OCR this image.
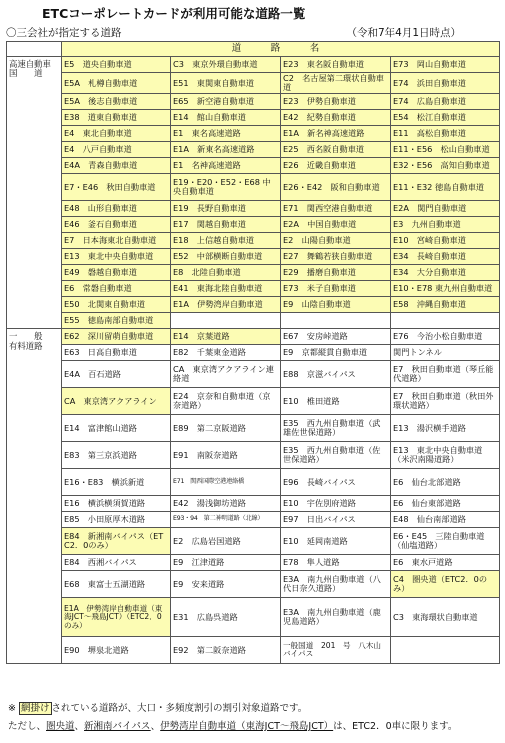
ETCコーポレートカードが利用可能な道路一覧
〇三会社が指定する道路	（令和7年4月1日時点）
	道　路　名			

高速自動車
国　　道	E5　道央自動車道	C3　東京外環自動車道	E23　東名阪自動車道	E73　岡山自動車道
	E5A　札樽自動車道	E51　東関東自動車道	C2　名古屋第二環状自動車道	E74　浜田自動車道
	E5A　後志自動車道	E65　新空港自動車道	E23　伊勢自動車道	E74　広島自動車道
	E38　道東自動車道	E14　館山自動車道	E42　紀勢自動車道	E54　松江自動車道
	E4　東北自動車道	E1　東名高速道路	E1A　新名神高速道路	E11　高松自動車道
	E4　八戸自動車道	E1A　新東名高速道路	E25　西名阪自動車道	E11・E56　松山自動車道
	E4A　青森自動車道	E1　名神高速道路	E26　近畿自動車道	E32・E56　高知自動車道
	E7・E46　秋田自動車道	E19・E20・E52・E68 中央自動車道	E26・E42　阪和自動車道	E11・E32 徳島自動車道
	E48　山形自動車道	E19　長野自動車道	E71　関西空港自動車道	E2A　関門自動車道
	E46　釜石自動車道	E17　関越自動車道	E2A　中国自動車道	E3　九州自動車道
	E7　日本海東北自動車道	E18　上信越自動車道	E2　山陽自動車道	E10　宮崎自動車道
	E13　東北中央自動車道	E52　中部横断自動車道	E27　舞鶴若狭自動車道	E34　長崎自動車道
	E49　磐越自動車道	E8　北陸自動車道	E29　播磨自動車道	E34　大分自動車道
	E6　常磐自動車道	E41　東海北陸自動車道	E73　米子自動車道	E10・E78 東九州自動車道
	E50　北関東自動車道	E1A　伊勢湾岸自動車道	E9　山陰自動車道	E58　沖縄自動車道
	E55　徳島南部自動車道			

一　　般
有料道路	E62　深川留萌自動車道	E14　京葉道路	E67　安房峠道路	E76　今治小松自動車道
	E63　日高自動車道	E82　千葉東金道路	E9　京都縦貫自動車道	関門トンネル
	E4A　百石道路	CA　東京湾アクアライン連絡道	E88　京滋バイパス	E7　秋田自動車道（琴丘能代道路）
	CA　東京湾アクアライン	E24　京奈和自動車道（京奈道路）	E10　椎田道路	E7　秋田自動車道（秋田外環状道路）
	E14　富津館山道路	E89　第二京阪道路	E35　西九州自動車道（武雄佐世保道路）	E13　湯沢横手道路
	E83　第三京浜道路	E91　南阪奈道路	E35　西九州自動車道（佐世保道路）	E13　東北中央自動車道（米沢南陽道路）
	E16・E83　横浜新道	E71　関西国際空港連絡橋	E96　長崎バイパス	E6　仙台北部道路
	E16　横浜横須賀道路	E42　湯浅御坊道路	E10　宇佐別府道路	E6　仙台東部道路
	E85　小田原厚木道路	E93・94　第二神明道路（北線）	E97　日出バイパス	E48　仙台南部道路
	E84　新湘南バイパス（ETC2．0のみ）	E2　広島岩国道路	E10　延岡南道路	E6・E45　三陸自動車道（仙塩道路）
	E84　西湘バイパス	E9　江津道路	E78　隼人道路	E6　東水戸道路
	E68　東富士五湖道路	E9　安来道路	E3A　南九州自動車道（八代日奈久道路）	C4　圏央道（ETC2．0のみ）
	E1A　伊勢湾岸自動車道（東海JCT～飛島JCT）（ETC2．0のみ）	E31　広島呉道路	E3A　南九州自動車道（鹿児島道路）	C3　東海環状自動車道
	E90　堺泉北道路	E92　第二阪奈道路	一般国道　201　号　八木山バイパス	
※ 網掛け されている道路が、大口・多頻度割引の割引対象道路です。
ただし、圏央道、新湘南バイパス、伊勢湾岸自動車道（東海JCT～飛島JCT）は、ETC2．0車に限ります。
